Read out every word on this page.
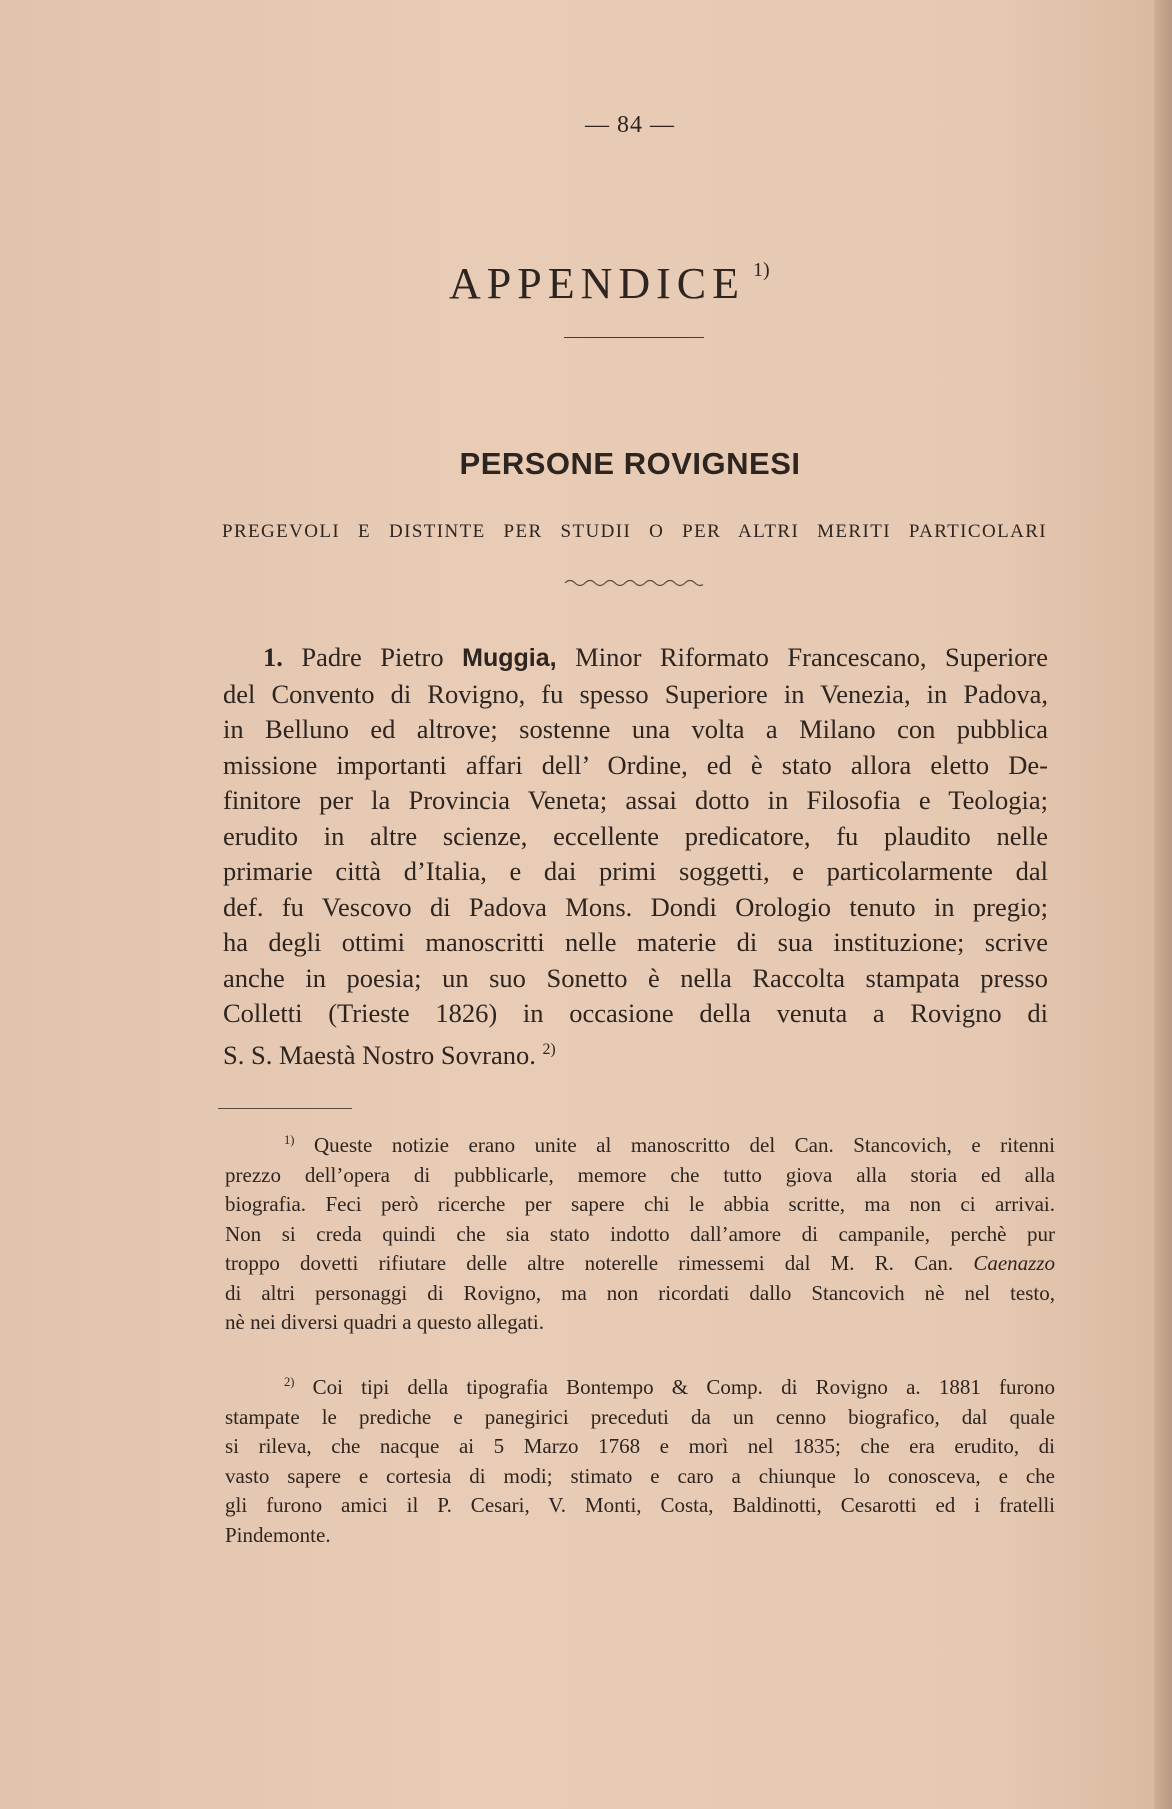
— 84 —
APPENDICE $^{1)}$
PERSONE ROVIGNESI
PREGEVOLI E DISTINTE PER STUDII O PER ALTRI MERITI PARTICOLARI

1. Padre Pietro Muggia, Minor Riformato Francescano, Superiore
del Convento di Rovigno, fu spesso Superiore in Venezia, in Padova,
in Belluno ed altrove; sostenne una volta a Milano con pubblica
missione importanti affari dell’ Ordine, ed è stato allora eletto De-
finitore per la Provincia Veneta; assai dotto in Filosofia e Teologia;
erudito in altre scienze, eccellente predicatore, fu plaudito nelle
primarie città d’Italia, e dai primi soggetti, e particolarmente dal
def. fu Vescovo di Padova Mons. Dondi Orologio tenuto in pregio;
ha degli ottimi manoscritti nelle materie di sua instituzione; scrive
anche in poesia; un suo Sonetto è nella Raccolta stampata presso
Colletti (Trieste 1826) in occasione della venuta a Rovigno di
S. S. Maestà Nostro Sovrano. $^{2)}$

$^{1)}$ Queste notizie erano unite al manoscritto del Can. Stancovich, e ritenni
prezzo dell’opera di pubblicarle, memore che tutto giova alla storia ed alla
biografia. Feci però ricerche per sapere chi le abbia scritte, ma non ci arrivai.
Non si creda quindi che sia stato indotto dall’amore di campanile, perchè pur
troppo dovetti rifiutare delle altre noterelle rimessemi dal M. R. Can. Caenazzo
di altri personaggi di Rovigno, ma non ricordati dallo Stancovich nè nel testo,
nè nei diversi quadri a questo allegati.

$^{2)}$ Coi tipi della tipografia Bontempo & Comp. di Rovigno a. 1881 furono
stampate le prediche e panegirici preceduti da un cenno biografico, dal quale
si rileva, che nacque ai 5 Marzo 1768 e morì nel 1835; che era erudito, di
vasto sapere e cortesia di modi; stimato e caro a chiunque lo conosceva, e che
gli furono amici il P. Cesari, V. Monti, Costa, Baldinotti, Cesarotti ed i fratelli
Pindemonte.
